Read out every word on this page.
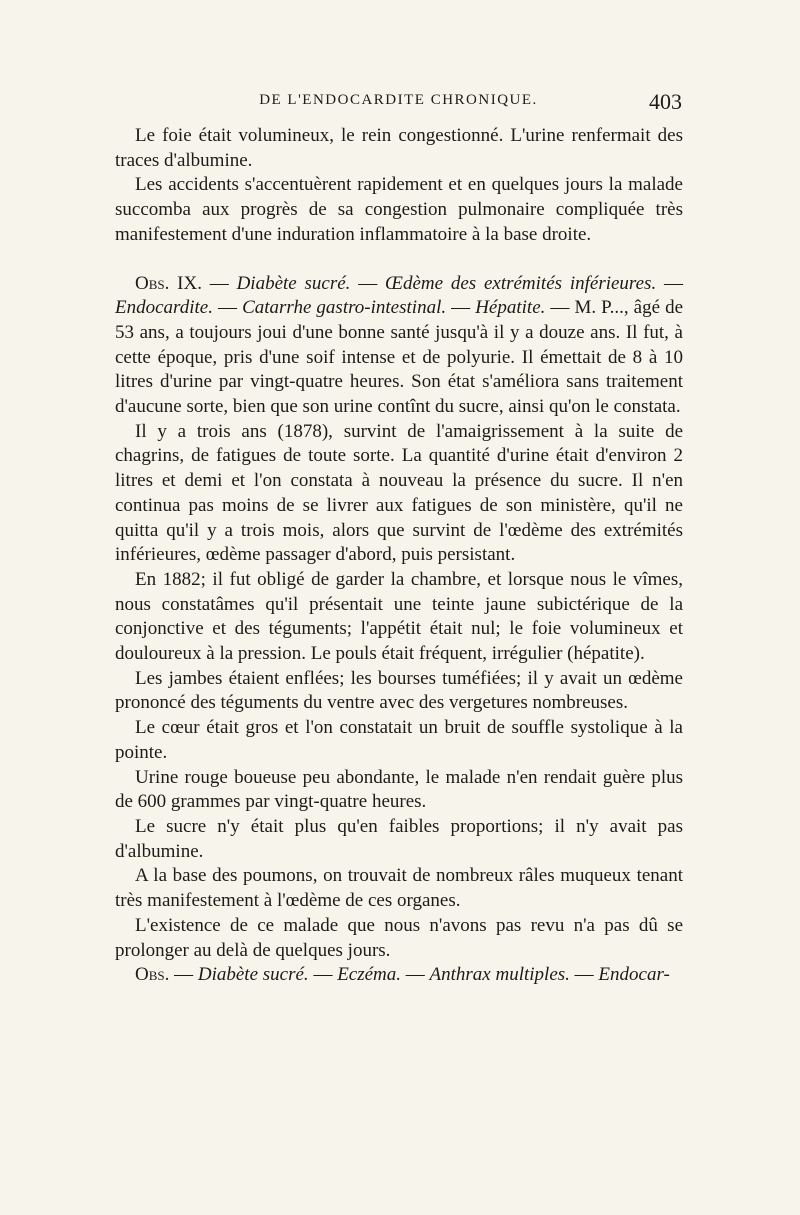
DE L'ENDOCARDITE CHRONIQUE.	403

Le foie était volumineux, le rein congestionné. L'urine renfermait des traces d'albumine.

Les accidents s'accentuèrent rapidement et en quelques jours la malade succomba aux progrès de sa congestion pulmonaire compliquée très manifestement d'une induration inflammatoire à la base droite.

Obs. IX. — Diabète sucré. — Œdème des extrémités inférieures. — Endocardite. — Catarrhe gastro-intestinal. — Hépatite. — M. P..., âgé de 53 ans, a toujours joui d'une bonne santé jusqu'à il y a douze ans. Il fut, à cette époque, pris d'une soif intense et de polyurie. Il émettait de 8 à 10 litres d'urine par vingt-quatre heures. Son état s'améliora sans traitement d'aucune sorte, bien que son urine contînt du sucre, ainsi qu'on le constata.

Il y a trois ans (1878), survint de l'amaigrissement à la suite de chagrins, de fatigues de toute sorte. La quantité d'urine était d'environ 2 litres et demi et l'on constata à nouveau la présence du sucre. Il n'en continua pas moins de se livrer aux fatigues de son ministère, qu'il ne quitta qu'il y a trois mois, alors que survint de l'œdème des extrémités inférieures, œdème passager d'abord, puis persistant.

En 1882; il fut obligé de garder la chambre, et lorsque nous le vîmes, nous constatâmes qu'il présentait une teinte jaune subictérique de la conjonctive et des téguments; l'appétit était nul; le foie volumineux et douloureux à la pression. Le pouls était fréquent, irrégulier (hépatite).

Les jambes étaient enflées; les bourses tuméfiées; il y avait un œdème prononcé des téguments du ventre avec des vergetures nombreuses.

Le cœur était gros et l'on constatait un bruit de souffle systolique à la pointe.

Urine rouge boueuse peu abondante, le malade n'en rendait guère plus de 600 grammes par vingt-quatre heures.

Le sucre n'y était plus qu'en faibles proportions; il n'y avait pas d'albumine.

A la base des poumons, on trouvait de nombreux râles muqueux tenant très manifestement à l'œdème de ces organes.

L'existence de ce malade que nous n'avons pas revu n'a pas dû se prolonger au delà de quelques jours.

Obs. — Diabète sucré. — Eczéma. — Anthrax multiples. — Endocar-
